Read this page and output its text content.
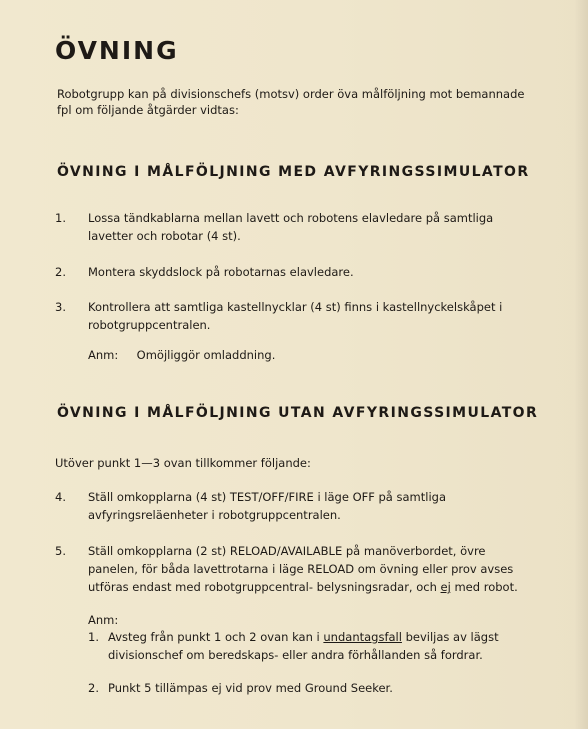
ÖVNING

Robotgrupp kan på divisionschefs (motsv) order öva målföljning mot bemannade fpl om följande åtgärder vidtas:

ÖVNING I MÅLFÖLJNING MED AVFYRINGSSIMULATOR
1. Lossa tändkablarna mellan lavett och robotens elavledare på samtliga lavetter och robotar (4 st).
2. Montera skyddslock på robotarnas elavledare.
3. Kontrollera att samtliga kastellnycklar (4 st) finns i kastellnyckelskåpet i robotgruppcentralen.
Anm: Omöjliggör omladdning.
ÖVNING I MÅLFÖLJNING UTAN AVFYRINGSSIMULATOR
Utöver punkt 1—3 ovan tillkommer följande:
4. Ställ omkopplarna (4 st) TEST/OFF/FIRE i läge OFF på samtliga avfyringsreläenheter i robotgruppcentralen.
5. Ställ omkopplarna (2 st) RELOAD/AVAILABLE på manöverbordet, övre panelen, för båda lavettrotarna i läge RELOAD om övning eller prov avses utföras endast med robotgruppcentral- belysningsradar, och ej med robot.
Anm:
1. Avsteg från punkt 1 och 2 ovan kan i undantagsfall beviljas av lägst divisionschef om beredskaps- eller andra förhållanden så fordrar.
2. Punkt 5 tillämpas ej vid prov med Ground Seeker.
